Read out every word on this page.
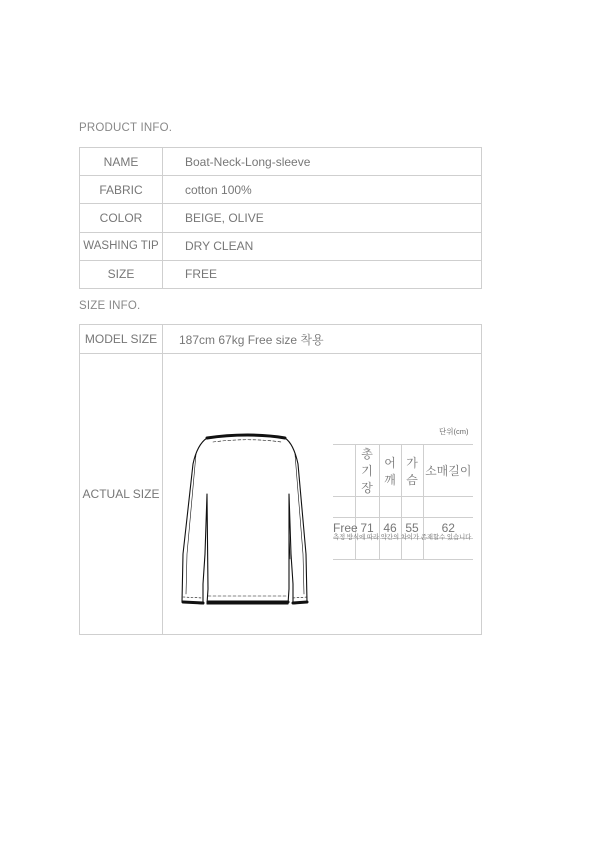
PRODUCT INFO.
NAME	Boat-Neck-Long-sleeve
FABRIC	cotton 100%
COLOR	BEIGE, OLIVE
WASHING TIP	DRY CLEAN
SIZE	FREE
SIZE INFO.
MODEL SIZE	187cm 67kg Free size 착용
ACTUAL SIZE	
단위(cm)
	총기장	어깨	가슴	소매길이

Free	71	46	55	62

측정 방식에 따라 약간의 차이가 존재할수 있습니다
